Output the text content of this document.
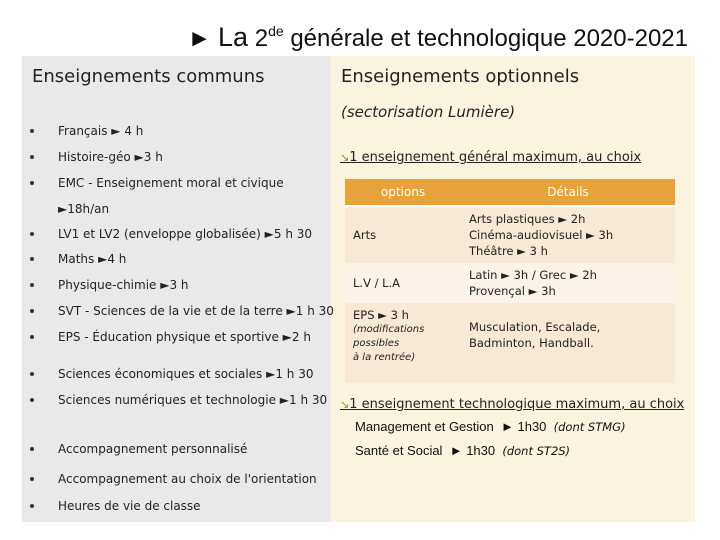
► La 2de générale et technologique 2020-2021
Enseignements communs	Enseignements optionnels
(sectorisation Lumière)
Français ► 4 h
Histoire-géo ►3 h
EMC - Enseignement moral et civique
►18h/an
LV1 et LV2 (enveloppe globalisée) ►5 h 30
Maths ►4 h
Physique-chimie ►3 h
SVT - Sciences de la vie et de la terre ►1 h 30
EPS - Éducation physique et sportive ►2 h
Sciences économiques et sociales ►1 h 30
Sciences numériques et technologie ►1 h 30
Accompagnement personnalisé
Accompagnement au choix de l'orientation
Heures de vie de classe
↘1 enseignement général maximum, au choix
options	Détails
Arts	Arts plastiques ► 2h
Cinéma-audiovisuel ► 3h
Théâtre ► 3 h

L.V / L.A	Latin ► 3h / Grec ► 2h
Provençal ► 3h

EPS ► 3 h
(modifications
possibles
à la rentrée)	Musculation, Escalade,
Badminton, Handball.
↘1 enseignement technologique maximum, au choix
Management et Gestion ► 1h30 (dont STMG)
Santé et Social ► 1h30 (dont ST2S)
